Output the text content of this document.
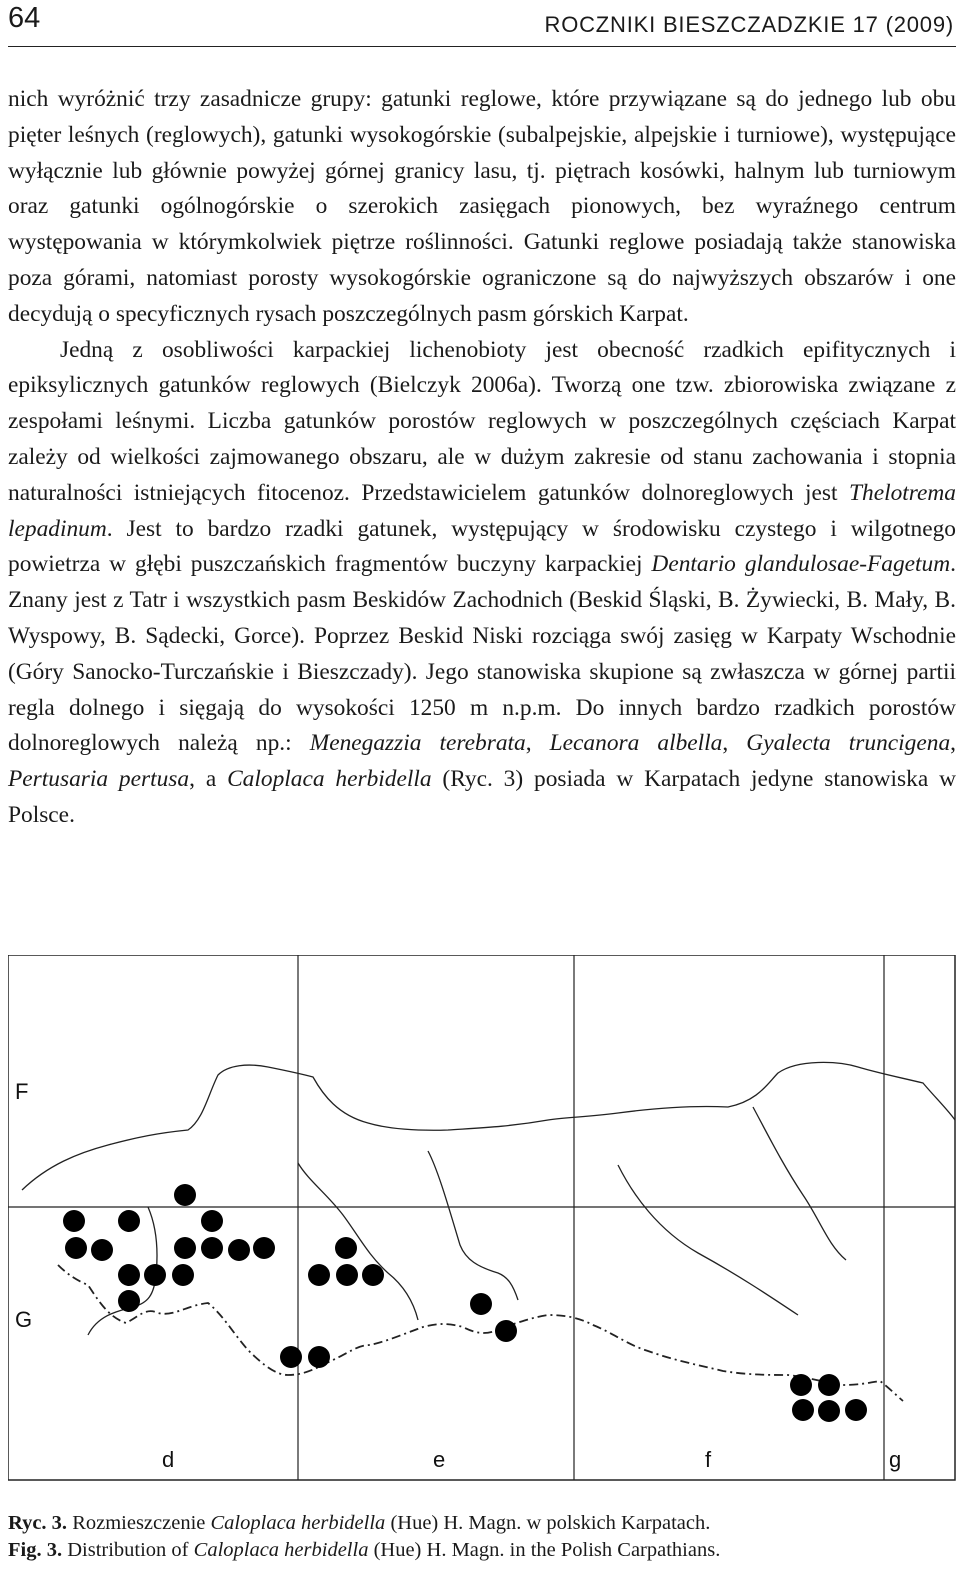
64	ROCZNIKI BIESZCZADZKIE 17 (2009)

nich wyróżnić trzy zasadnicze grupy: gatunki reglowe, które przywiązane są do jednego lub obu pięter leśnych (reglowych), gatunki wysokogórskie (subalpejskie, alpejskie i turniowe), występujące wyłącznie lub głównie powyżej górnej granicy lasu, tj. piętrach kosówki, halnym lub turniowym oraz gatunki ogólnogórskie o szerokich zasięgach pionowych, bez wyraźnego centrum występowania w którymkolwiek piętrze roślinności. Gatunki reglowe posiadają także stanowiska poza górami, natomiast porosty wysokogórskie ograniczone są do najwyższych obszarów i one decydują o specyficznych rysach poszczególnych pasm górskich Karpat.

Jedną z osobliwości karpackiej lichenobioty jest obecność rzadkich epifitycznych i epiksylicznych gatunków reglowych (Bielczyk 2006a). Tworzą one tzw. zbiorowiska związane z zespołami leśnymi. Liczba gatunków porostów reglowych w poszczególnych częściach Karpat zależy od wielkości zajmowanego obszaru, ale w dużym zakresie od stanu zachowania i stopnia naturalności istniejących fitocenoz. Przedstawicielem gatunków dolnoreglowych jest Thelotrema lepadinum. Jest to bardzo rzadki gatunek, występujący w środowisku czystego i wilgotnego powietrza w głębi puszczańskich fragmentów buczyny karpackiej Dentario glandulosae-Fagetum. Znany jest z Tatr i wszystkich pasm Beskidów Zachodnich (Beskid Śląski, B. Żywiecki, B. Mały, B. Wyspowy, B. Sądecki, Gorce). Poprzez Beskid Niski rozciąga swój zasięg w Karpaty Wschodnie (Góry Sanocko-Turczańskie i Bieszczady). Jego stanowiska skupione są zwłaszcza w górnej partii regla dolnego i sięgają do wysokości 1250 m n.p.m. Do innych bardzo rzadkich porostów dolnoreglowych należą np.: Menegazzia terebrata, Lecanora albella, Gyalecta truncigena, Pertusaria pertusa, a Caloplaca herbidella (Ryc. 3) posiada w Karpatach jedyne stanowiska w Polsce.

F
G
d	e	f	g
Ryc. 3. Rozmieszczenie Caloplaca herbidella (Hue) H. Magn. w polskich Karpatach.
Fig. 3. Distribution of Caloplaca herbidella (Hue) H. Magn. in the Polish Carpathians.
